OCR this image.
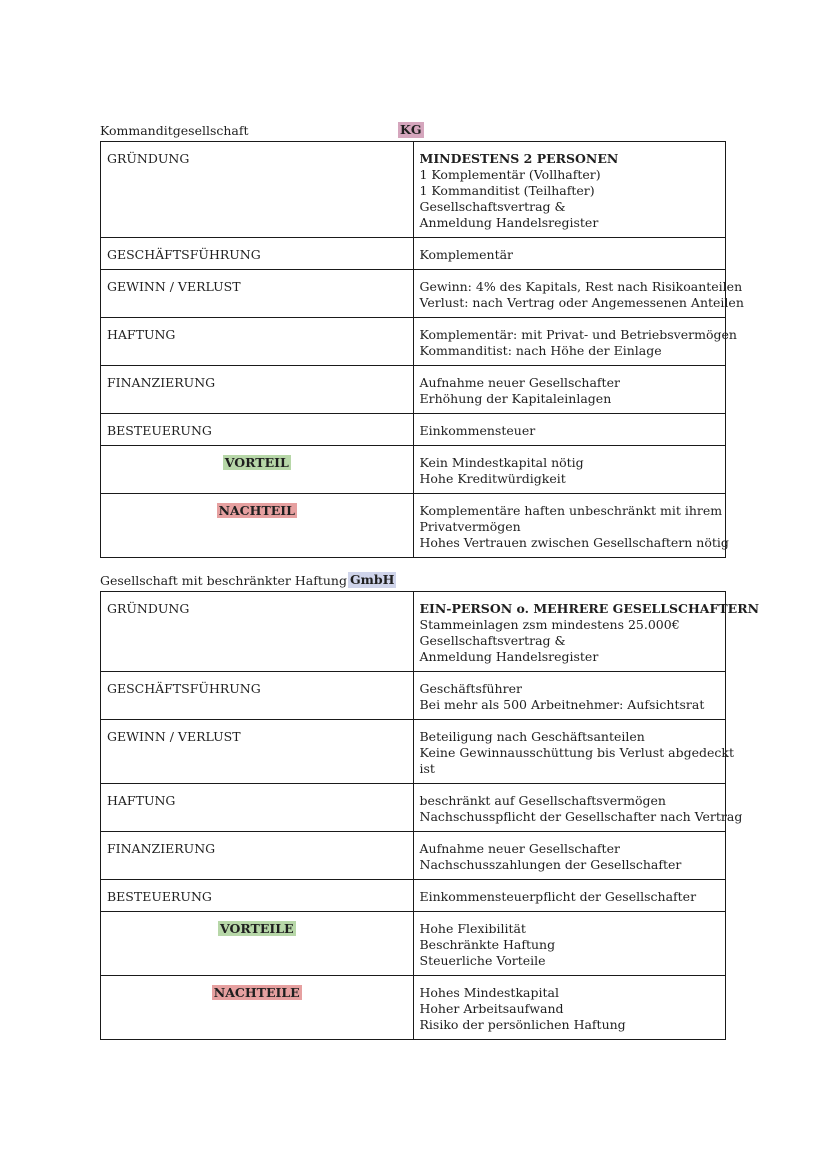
Kommanditgesellschaft	KG
GRÜNDUNG	MINDESTENS 2 PERSONEN
1 Komplementär (Vollhafter)
1 Kommanditist (Teilhafter)
Gesellschaftsvertrag &
Anmeldung Handelsregister

GESCHÄFTSFÜHRUNG	Komplementär

GEWINN / VERLUST	Gewinn: 4% des Kapitals, Rest nach Risikoanteilen
Verlust: nach Vertrag oder Angemessenen Anteilen

HAFTUNG	Komplementär: mit Privat- und Betriebsvermögen
Kommanditist: nach Höhe der Einlage

FINANZIERUNG	Aufnahme neuer Gesellschafter
Erhöhung der Kapitaleinlagen

BESTEUERUNG	Einkommensteuer

VORTEIL	Kein Mindestkapital nötig
Hohe Kreditwürdigkeit

NACHTEIL	Komplementäre haften unbeschränkt mit ihrem
Privatvermögen
Hohes Vertrauen zwischen Gesellschaftern nötig
Gesellschaft mit beschränkter Haftung GmbH
GRÜNDUNG	EIN-PERSON o. MEHRERE GESELLSCHAFTERN
Stammeinlagen zsm mindestens 25.000€
Gesellschaftsvertrag &
Anmeldung Handelsregister

GESCHÄFTSFÜHRUNG	Geschäftsführer
Bei mehr als 500 Arbeitnehmer: Aufsichtsrat

GEWINN / VERLUST	Beteiligung nach Geschäftsanteilen
Keine Gewinnausschüttung bis Verlust abgedeckt
ist

HAFTUNG	beschränkt auf Gesellschaftsvermögen
Nachschusspflicht der Gesellschafter nach Vertrag

FINANZIERUNG	Aufnahme neuer Gesellschafter
Nachschusszahlungen der Gesellschafter

BESTEUERUNG	Einkommensteuerpflicht der Gesellschafter

VORTEILE	Hohe Flexibilität
Beschränkte Haftung
Steuerliche Vorteile

NACHTEILE	Hohes Mindestkapital
Hoher Arbeitsaufwand
Risiko der persönlichen Haftung
